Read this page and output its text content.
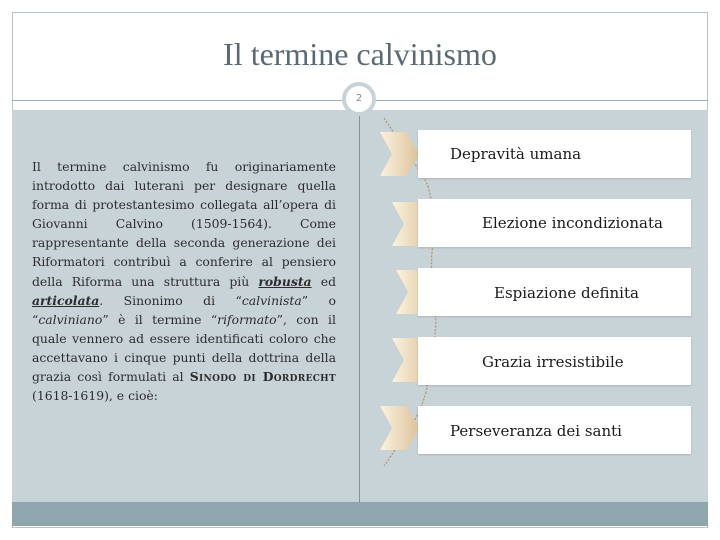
Il termine calvinismo
2

Il termine calvinismo fu originariamente introdotto dai luterani per designare quella forma di protestantesimo collegata all’opera di Giovanni Calvino (1509-1564). Come rappresentante della seconda generazione dei Riformatori contribuì a conferire al pensiero della Riforma una struttura più robusta ed articolata. Sinonimo di “calvinista” o “calviniano” è il termine “riformato”, con il quale vennero ad essere identificati coloro che accettavano i cinque punti della dottrina della grazia così formulati al Sinodo di Dordrecht (1618-1619), e cioè:

Depravità umana
Elezione incondizionata
Espiazione definita
Grazia irresistibile
Perseveranza dei santi
